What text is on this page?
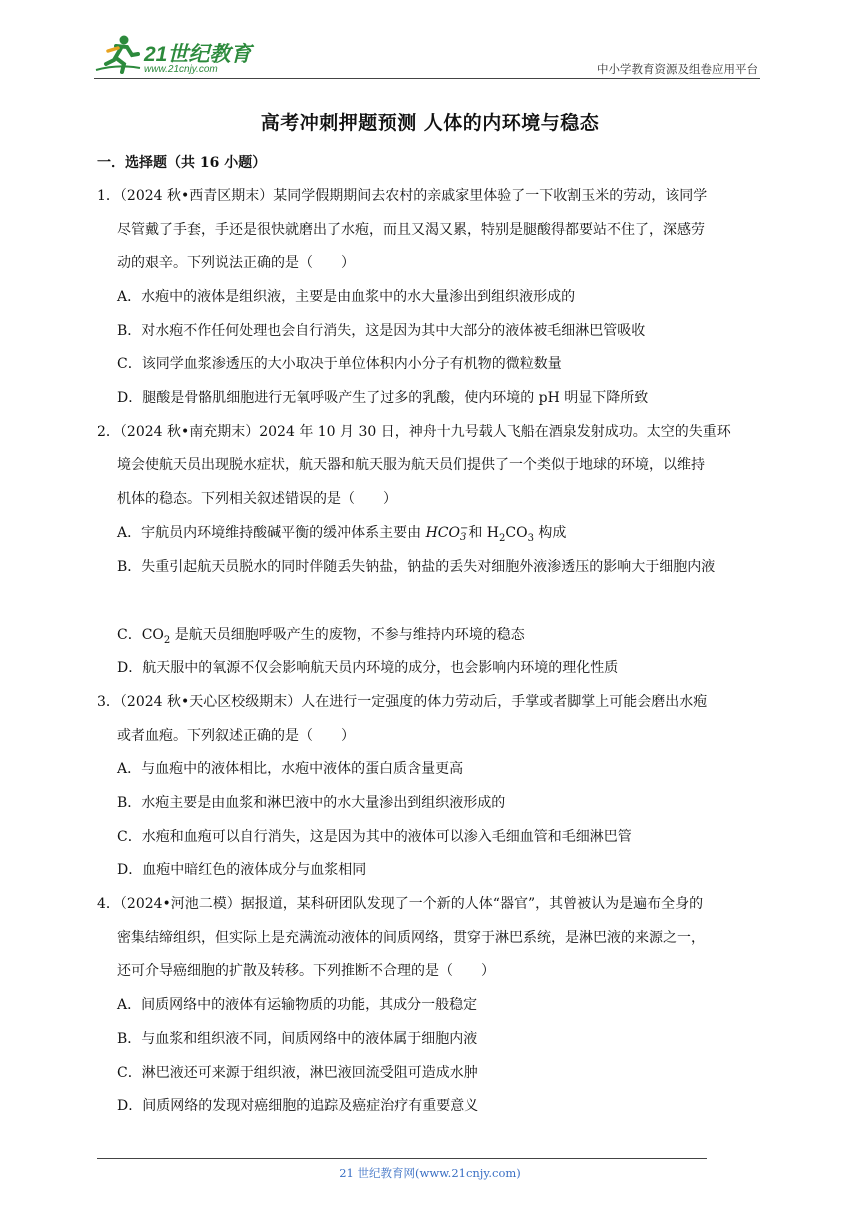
21世纪教育
www.21cnjy.com	中小学教育资源及组卷应用平台
高考冲刺押题预测 人体的内环境与稳态
一．选择题（共 16 小题）
1．（2024 秋•西青区期末）某同学假期期间去农村的亲戚家里体验了一下收割玉米的劳动，该同学
尽管戴了手套，手还是很快就磨出了水疱，而且又渴又累，特别是腿酸得都要站不住了，深感劳
动的艰辛。下列说法正确的是（　　）
A．水疱中的液体是组织液，主要是由血浆中的水大量渗出到组织液形成的
B．对水疱不作任何处理也会自行消失，这是因为其中大部分的液体被毛细淋巴管吸收
C．该同学血浆渗透压的大小取决于单位体积内小分子有机物的微粒数量
D．腿酸是骨骼肌细胞进行无氧呼吸产生了过多的乳酸，使内环境的 pH 明显下降所致
2．（2024 秋•南充期末）2024 年 10 月 30 日，神舟十九号载人飞船在酒泉发射成功。太空的失重环
境会使航天员出现脱水症状，航天器和航天服为航天员们提供了一个类似于地球的环境，以维持
机体的稳态。下列相关叙述错误的是（　　）
A．宇航员内环境维持酸碱平衡的缓冲体系主要由 HCO −
3 和 $H_2CO_3$ 构成
B．失重引起航天员脱水的同时伴随丢失钠盐，钠盐的丢失对细胞外液渗透压的影响大于细胞内液
C．$CO_2$ 是航天员细胞呼吸产生的废物，不参与维持内环境的稳态
D．航天服中的氧源不仅会影响航天员内环境的成分，也会影响内环境的理化性质
3．（2024 秋•天心区校级期末）人在进行一定强度的体力劳动后，手掌或者脚掌上可能会磨出水疱
或者血疱。下列叙述正确的是（　　）
A．与血疱中的液体相比，水疱中液体的蛋白质含量更高
B．水疱主要是由血浆和淋巴液中的水大量渗出到组织液形成的
C．水疱和血疱可以自行消失，这是因为其中的液体可以渗入毛细血管和毛细淋巴管
D．血疱中暗红色的液体成分与血浆相同
4．（2024•河池二模）据报道，某科研团队发现了一个新的人体“器官”，其曾被认为是遍布全身的
密集结缔组织，但实际上是充满流动液体的间质网络，贯穿于淋巴系统，是淋巴液的来源之一，
还可介导癌细胞的扩散及转移。下列推断不合理的是（　　）
A．间质网络中的液体有运输物质的功能，其成分一般稳定
B．与血浆和组织液不同，间质网络中的液体属于细胞内液
C．淋巴液还可来源于组织液，淋巴液回流受阻可造成水肿
D．间质网络的发现对癌细胞的追踪及癌症治疗有重要意义
21 世纪教育网(www.21cnjy.com)
